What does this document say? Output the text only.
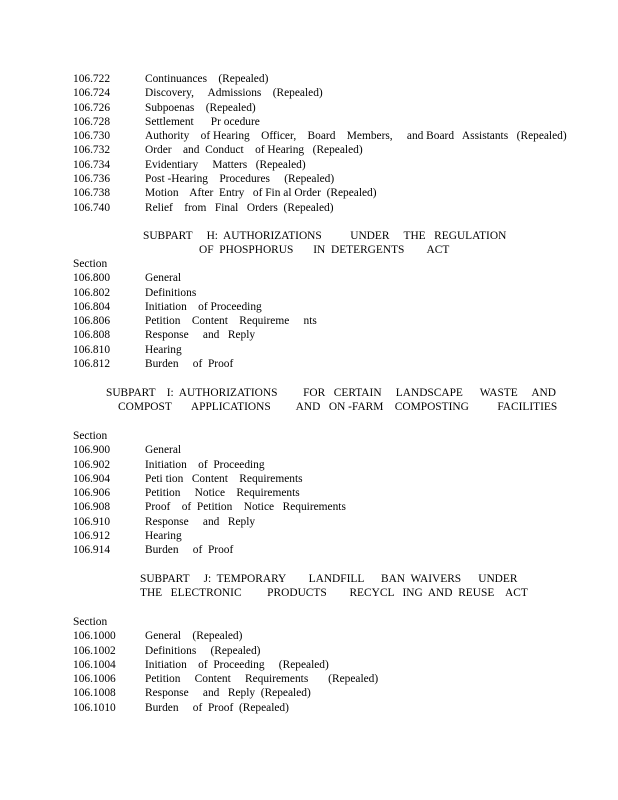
106.722	Continuances    (Repealed)
106.724	Discovery,     Admissions    (Repealed)
106.726	Subpoenas    (Repealed)
106.728	Settlement      Pr ocedure
106.730	Authority    of Hearing    Officer,    Board    Members,     and Board   Assistants   (Repealed)
106.732	Order    and  Conduct    of Hearing   (Repealed)
106.734	Evidentiary     Matters   (Repealed)
106.736	Post -Hearing    Procedures     (Repealed)
106.738	Motion    After  Entry   of Fin al Order  (Repealed)
106.740	Relief    from   Final   Orders  (Repealed)
SUBPART     H:  AUTHORIZATIONS          UNDER     THE   REGULATION
OF  PHOSPHORUS       IN  DETERGENTS        ACT
Section
106.800	General
106.802	Definitions
106.804	Initiation    of Proceeding
106.806	Petition    Content    Requireme     nts
106.808	Response     and   Reply
106.810	Hearing
106.812	Burden     of  Proof
SUBPART    I:  AUTHORIZATIONS         FOR   CERTAIN     LANDSCAPE      WASTE     AND
COMPOST       APPLICATIONS         AND   ON -FARM    COMPOSTING          FACILITIES
Section
106.900	General
106.902	Initiation    of  Proceeding
106.904	Peti tion   Content    Requirements
106.906	Petition     Notice    Requirements
106.908	Proof    of  Petition    Notice   Requirements
106.910	Response     and   Reply
106.912	Hearing
106.914	Burden     of  Proof
SUBPART     J:  TEMPORARY        LANDFILL      BAN  WAIVERS      UNDER
THE   ELECTRONIC         PRODUCTS        RECYCL   ING  AND  REUSE    ACT
Section
106.1000	General    (Repealed)
106.1002	Definitions     (Repealed)
106.1004	Initiation    of  Proceeding     (Repealed)
106.1006	Petition     Content     Requirements       (Repealed)
106.1008	Response     and   Reply  (Repealed)
106.1010	Burden     of  Proof  (Repealed)
